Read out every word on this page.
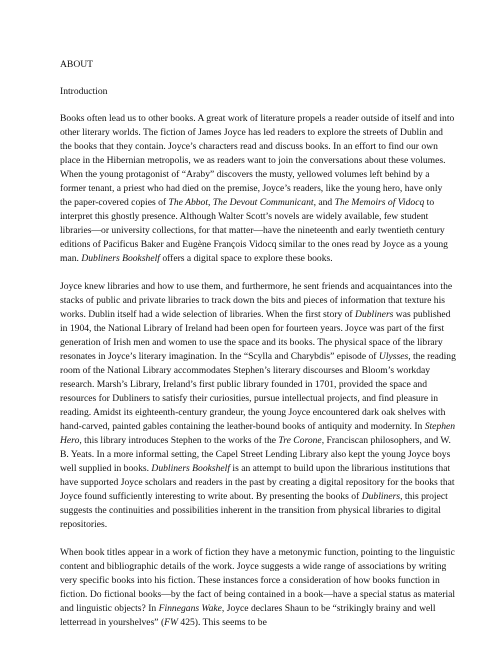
ABOUT
Introduction

Books often lead us to other books. A great work of literature propels a reader outside of itself and into other literary worlds. The fiction of James Joyce has led readers to explore the streets of Dublin and the books that they contain. Joyce’s characters read and discuss books. In an effort to find our own place in the Hibernian metropolis, we as readers want to join the conversations about these volumes. When the young protagonist of “Araby” discovers the musty, yellowed volumes left behind by a former tenant, a priest who had died on the premise, Joyce’s readers, like the young hero, have only the paper-covered copies of The Abbot, The Devout Communicant, and The Memoirs of Vidocq to interpret this ghostly presence. Although Walter Scott’s novels are widely available, few student libraries—or university collections, for that matter—have the nineteenth and early twentieth century editions of Pacificus Baker and Eugène François Vidocq similar to the ones read by Joyce as a young man. Dubliners Bookshelf offers a digital space to explore these books.

Joyce knew libraries and how to use them, and furthermore, he sent friends and acquaintances into the stacks of public and private libraries to track down the bits and pieces of information that texture his works. Dublin itself had a wide selection of libraries. When the first story of Dubliners was published in 1904, the National Library of Ireland had been open for fourteen years. Joyce was part of the first generation of Irish men and women to use the space and its books. The physical space of the library resonates in Joyce’s literary imagination. In the “Scylla and Charybdis” episode of Ulysses, the reading room of the National Library accommodates Stephen’s literary discourses and Bloom’s workday research. Marsh’s Library, Ireland’s first public library founded in 1701, provided the space and resources for Dubliners to satisfy their curiosities, pursue intellectual projects, and find pleasure in reading. Amidst its eighteenth-century grandeur, the young Joyce encountered dark oak shelves with hand-carved, painted gables containing the leather-bound books of antiquity and modernity. In Stephen Hero, this library introduces Stephen to the works of the Tre Corone, Franciscan philosophers, and W. B. Yeats. In a more informal setting, the Capel Street Lending Library also kept the young Joyce boys well supplied in books. Dubliners Bookshelf is an attempt to build upon the librarious institutions that have supported Joyce scholars and readers in the past by creating a digital repository for the books that Joyce found sufficiently interesting to write about. By presenting the books of Dubliners, this project suggests the continuities and possibilities inherent in the transition from physical libraries to digital repositories.

When book titles appear in a work of fiction they have a metonymic function, pointing to the linguistic content and bibliographic details of the work. Joyce suggests a wide range of associations by writing very specific books into his fiction. These instances force a consideration of how books function in fiction. Do fictional books—by the fact of being contained in a book—have a special status as material and linguistic objects? In Finnegans Wake, Joyce declares Shaun to be “strikingly brainy and well letterread in yourshelves” (FW 425). This seems to be
